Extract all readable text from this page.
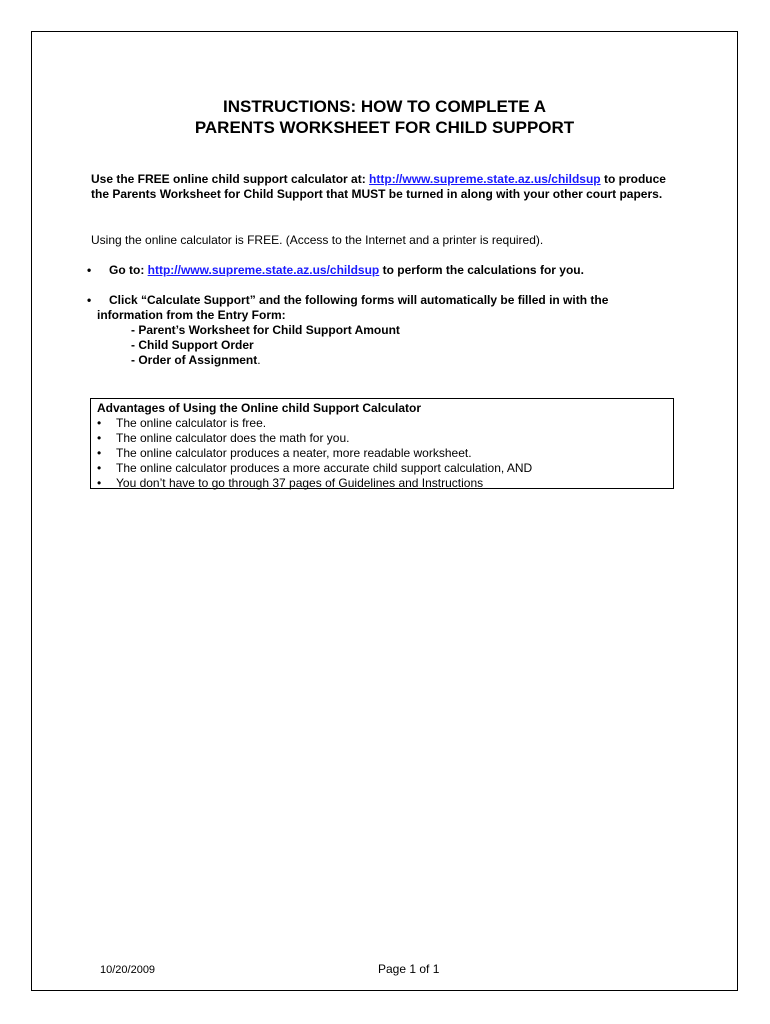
INSTRUCTIONS: HOW TO COMPLETE A
PARENTS WORKSHEET FOR CHILD SUPPORT
Use the FREE online child support calculator at: http://www.supreme.state.az.us/childsup to produce the Parents Worksheet for Child Support that MUST be turned in along with your other court papers.
Using the online calculator is FREE. (Access to the Internet and a printer is required).
• Go to: http://www.supreme.state.az.us/childsup to perform the calculations for you.
• Click “Calculate Support” and the following forms will automatically be filled in with the
information from the Entry Form:
- Parent’s Worksheet for Child Support Amount
- Child Support Order
- Order of Assignment.
Advantages of Using the Online child Support Calculator
• The online calculator is free.
• The online calculator does the math for you.
• The online calculator produces a neater, more readable worksheet.
• The online calculator produces a more accurate child support calculation, AND
• You don’t have to go through 37 pages of Guidelines and Instructions
10/20/2009	Page 1 of 1
